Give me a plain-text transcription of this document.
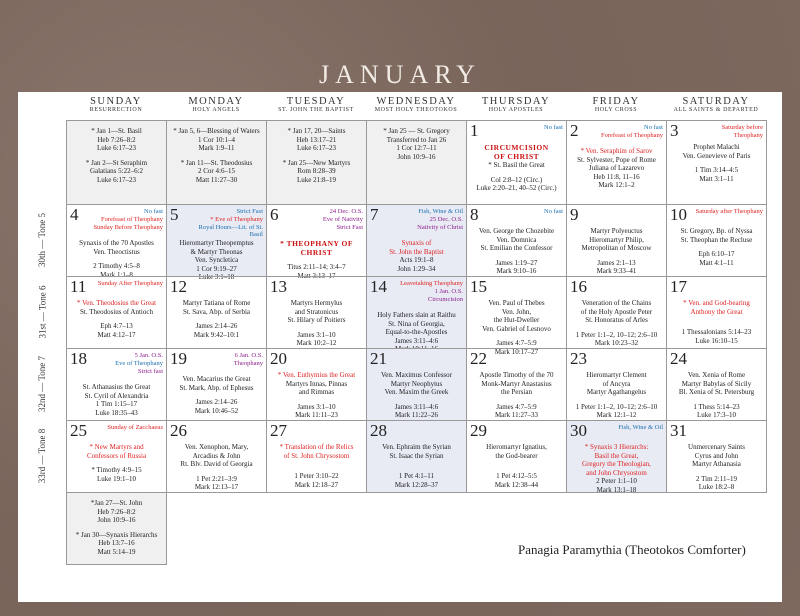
JANUARY
30th — Tone 5
31st — Tone 6
32nd — Tone 7
33rd — Tone 8
SUNDAY
RESURRECTION
MONDAY
HOLY ANGELS
TUESDAY
ST. JOHN THE BAPTIST
WEDNESDAY
MOST HOLY THEOTOKOS
THURSDAY
HOLY APOSTLES
FRIDAY
HOLY CROSS
SATURDAY
ALL SAINTS & DEPARTED
* Jan 1—St. Basil
Heb 7:26–8:2
Luke 6:17–23
* Jan 2—St Seraphim
Galatians 5:22–6:2
Luke 6:17–23
* Jan 5, 6—Blessing of Waters
1 Cor 10:1–4
Mark 1:9–11
* Jan 11—St. Theodosius
2 Cor 4:6–15
Matt 11:27–30
* Jan 17, 20—Saints
Heb 13:17–21
Luke 6:17–23
* Jan 25—New Martyrs
Rom 8:28–39
Luke 21:8–19
* Jan 25 — St. Gregory
Transferred to Jan 26
1 Cor 12:7–11
John 10:9–16
1	No fast
CIRCUMCISION
OF CHRIST
* St. Basil the Great
Col 2:8–12 (Circ.)
Luke 2:20–21, 40–52 (Circ.)
2	No fast
Forefeast of Theophany
* Ven. Seraphim of Sarov
St. Sylvester, Pope of Rome
Juliana of Lazarevo
Heb 11:8, 11–16
Mark 12:1–2
3	Saturday before Theophany
Prophet Malachi
Ven. Genevieve of Paris
1 Tim 3:14–4:5
Matt 3:1–11
4	No fast
Forefeast of Theophany
Sunday Before Theophany
Synaxis of the 70 Apostles
Ven. Theoctistus
2 Timothy 4:5–8
Mark 1:1–8
5	Strict Fast
* Eve of Theophany
Royal Hours—Lit. of St. Basil
Hieromartyr Theopemptus
& Martyr Theonas
Ven. Syncletica
1 Cor 9:19–27
Luke 3:1–18
6	24 Dec. O.S.
Eve of Nativity
Strict Fast
* THEOPHANY OF
CHRIST
Titus 2:11–14; 3:4–7
Matt 3:13–17
7	Fish, Wine & Oil
25 Dec. O.S.
Nativity of Christ
Synaxis of
St. John the Baptist
Acts 19:1–8
John 1:29–34
8	No fast
Ven. George the Chozebite
Ven. Domnica
St. Emilian the Confessor
James 1:19–27
Mark 9:10–16
9
Martyr Polyeuctus
Hieromartyr Philip,
Metropolitan of Moscow
James 2:1–13
Mark 9:33–41
10 Saturday after Theophany
St. Gregory, Bp. of Nyssa
St. Theophan the Recluse
Eph 6:10–17
Matt 4:1–11
11 Sunday After Theophany
* Ven. Theodosius the Great
St. Theodosius of Antioch
Eph 4:7–13
Matt 4:12–17
12
Martyr Tatiana of Rome
St. Sava, Abp. of Serbia
James 2:14–26
Mark 9:42–10:1
13
Martyrs Hermylus
and Stratonicus
St. Hilary of Poitiers
James 3:1–10
Mark 10:2–12
14 Leavetaking Theophany
1 Jan. O.S.
Circumcision
Holy Fathers slain at Raithu
St. Nina of Georgia,
Equal-to-the-Apostles
James 3:11–4:6
15
Ven. Paul of Thebes
Ven. John,
the Hut-Dweller
Ven. Gabriel of Lesnovo
James 4:7–5:9
Mark 10:17–27
16
Veneration of the Chains
of the Holy Apostle Peter
St. Honoratus of Arles
1 Peter 1:1–2, 10–12; 2:6–10
Mark 10:23–32
17
* Ven. and God-bearing
Anthony the Great
1 Thessalonians 5:14–23
Luke 16:10–15
18	5 Jan. O.S.
Eve of Theophany
Strict fast
St. Athanasius the Great
St. Cyril of Alexandria
1 Tim 1:15–17
Luke 18:35–43
19	6 Jan. O.S.
Theophany
Ven. Macarius the Great
St. Mark, Abp. of Ephesus
James 2:14–26
Mark 10:46–52
20
* Ven. Euthymius the Great
Martyrs Innas, Pinnas
and Rimmas
James 3:1–10
Mark 11:11–23
21
Ven. Maximus Confessor
Martyr Neophytus
Ven. Maxim the Greek
James 3:11–4:6
Mark 11:22–26
22
Apostle Timothy of the 70
Monk-Martyr Anastasius
the Persian
James 4:7–5:9
Mark 11:27–33
23
Hieromartyr Clement
of Ancyra
Martyr Agathangelus
1 Peter 1:1–2, 10–12; 2:6–10
Mark 12:1–12
24
Ven. Xenia of Rome
Martyr Babylas of Sicily
Bl. Xenia of St. Petersburg
1 Thess 5:14–23
Luke 17:3–10
25	Sunday of Zacchaeus
* New Martyrs and
Confessors of Russia
* Timothy 4:9–15
Luke 19:1–10
26
Ven. Xenophon, Mary,
Arcadius & John
Rt. Blv. David of Georgia
1 Pet 2:21–3:9
Mark 12:13–17
27
* Translation of the Relics
of St. John Chrysostom
1 Peter 3:10–22
Mark 12:18–27
28
Ven. Ephraim the Syrian
St. Isaac the Syrian
1 Pet 4:1–11
Mark 12:28–37
29
Hieromartyr Ignatius,
the God-bearer
1 Pet 4:12–5:5
Mark 12:38–44
30	Fish, Wine & Oil
* Synaxis 3 Hierarchs:
Basil the Great,
Gregory the Theologian,
and John Chrysostom
2 Peter 1:1–10
Mark 13:1–18
31
Unmercenary Saints
Cyrus and John
Martyr Athanasia
2 Tim 2:11–19
Luke 18:2–8
*Jan 27—St. John
Heb 7:26–8:2
John 10:9–16
* Jan 30—Synaxis Hierarchs
Heb 13:7–16
Matt 5:14–19	Panagia Paramythia (Theotokos Comforter)
